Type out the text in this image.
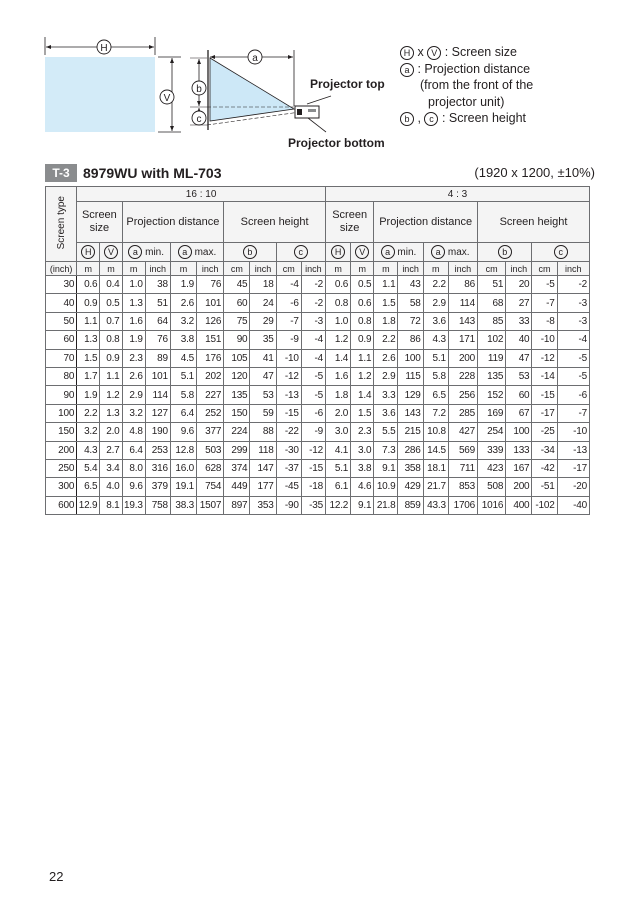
H
V
a
b
c
Projector top
Projector bottom
H x V : Screen size
a : Projection distance
(from the front of the
projector unit)
b , c : Screen height
T-3 8979WU with ML-703	(1920 x 1200, ±10%)
Screen type	16 : 10										4 : 3									
	Screen size		Projection distance				Screen height				Screen size		Projection distance				Screen height			
	H	V	a min.		a max.		b		c		H	V	a min.		a max.		b		c	
(inch)	m	m	m	inch	m	inch	cm	inch	cm	inch	m	m	m	inch	m	inch	cm	inch	cm	inch
30	0.6	0.4	1.0	38	1.9	76	45	18	-4	-2	0.6	0.5	1.1	43	2.2	86	51	20	-5	-2
40	0.9	0.5	1.3	51	2.6	101	60	24	-6	-2	0.8	0.6	1.5	58	2.9	114	68	27	-7	-3
50	1.1	0.7	1.6	64	3.2	126	75	29	-7	-3	1.0	0.8	1.8	72	3.6	143	85	33	-8	-3
60	1.3	0.8	1.9	76	3.8	151	90	35	-9	-4	1.2	0.9	2.2	86	4.3	171	102	40	-10	-4
70	1.5	0.9	2.3	89	4.5	176	105	41	-10	-4	1.4	1.1	2.6	100	5.1	200	119	47	-12	-5
80	1.7	1.1	2.6	101	5.1	202	120	47	-12	-5	1.6	1.2	2.9	115	5.8	228	135	53	-14	-5
90	1.9	1.2	2.9	114	5.8	227	135	53	-13	-5	1.8	1.4	3.3	129	6.5	256	152	60	-15	-6
100	2.2	1.3	3.2	127	6.4	252	150	59	-15	-6	2.0	1.5	3.6	143	7.2	285	169	67	-17	-7
150	3.2	2.0	4.8	190	9.6	377	224	88	-22	-9	3.0	2.3	5.5	215	10.8	427	254	100	-25	-10
200	4.3	2.7	6.4	253	12.8	503	299	118	-30	-12	4.1	3.0	7.3	286	14.5	569	339	133	-34	-13
250	5.4	3.4	8.0	316	16.0	628	374	147	-37	-15	5.1	3.8	9.1	358	18.1	711	423	167	-42	-17
300	6.5	4.0	9.6	379	19.1	754	449	177	-45	-18	6.1	4.6	10.9	429	21.7	853	508	200	-51	-20
600	12.9	8.1	19.3	758	38.3	1507	897	353	-90	-35	12.2	9.1	21.8	859	43.3	1706	1016	400	-102	-40
22
